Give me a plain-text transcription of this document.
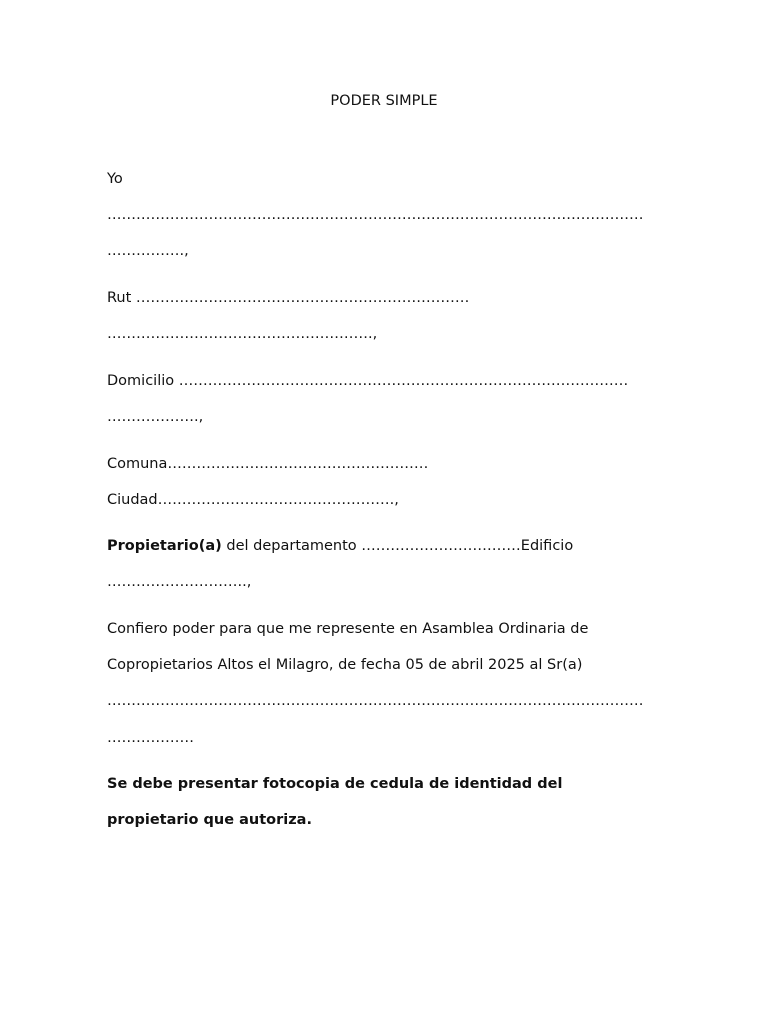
PODER SIMPLE
Yo
…………………………………………………………………………………………………
…………….,
Rut ……………………………………………………………
……………………………………………….,
Domicilio …………………………………………………………………………………
……………….,
Comuna………………………………………………
Ciudad………………………………………….,
Propietario(a) del departamento ……………………………Edificio
………………………..,
Confiero poder para que me represente en Asamblea Ordinaria de
Copropietarios Altos el Milagro, de fecha 05 de abril 2025 al Sr(a)
…………………………………………………………………………………………………
………………
Se debe presentar fotocopia de cedula de identidad del
propietario que autoriza.
